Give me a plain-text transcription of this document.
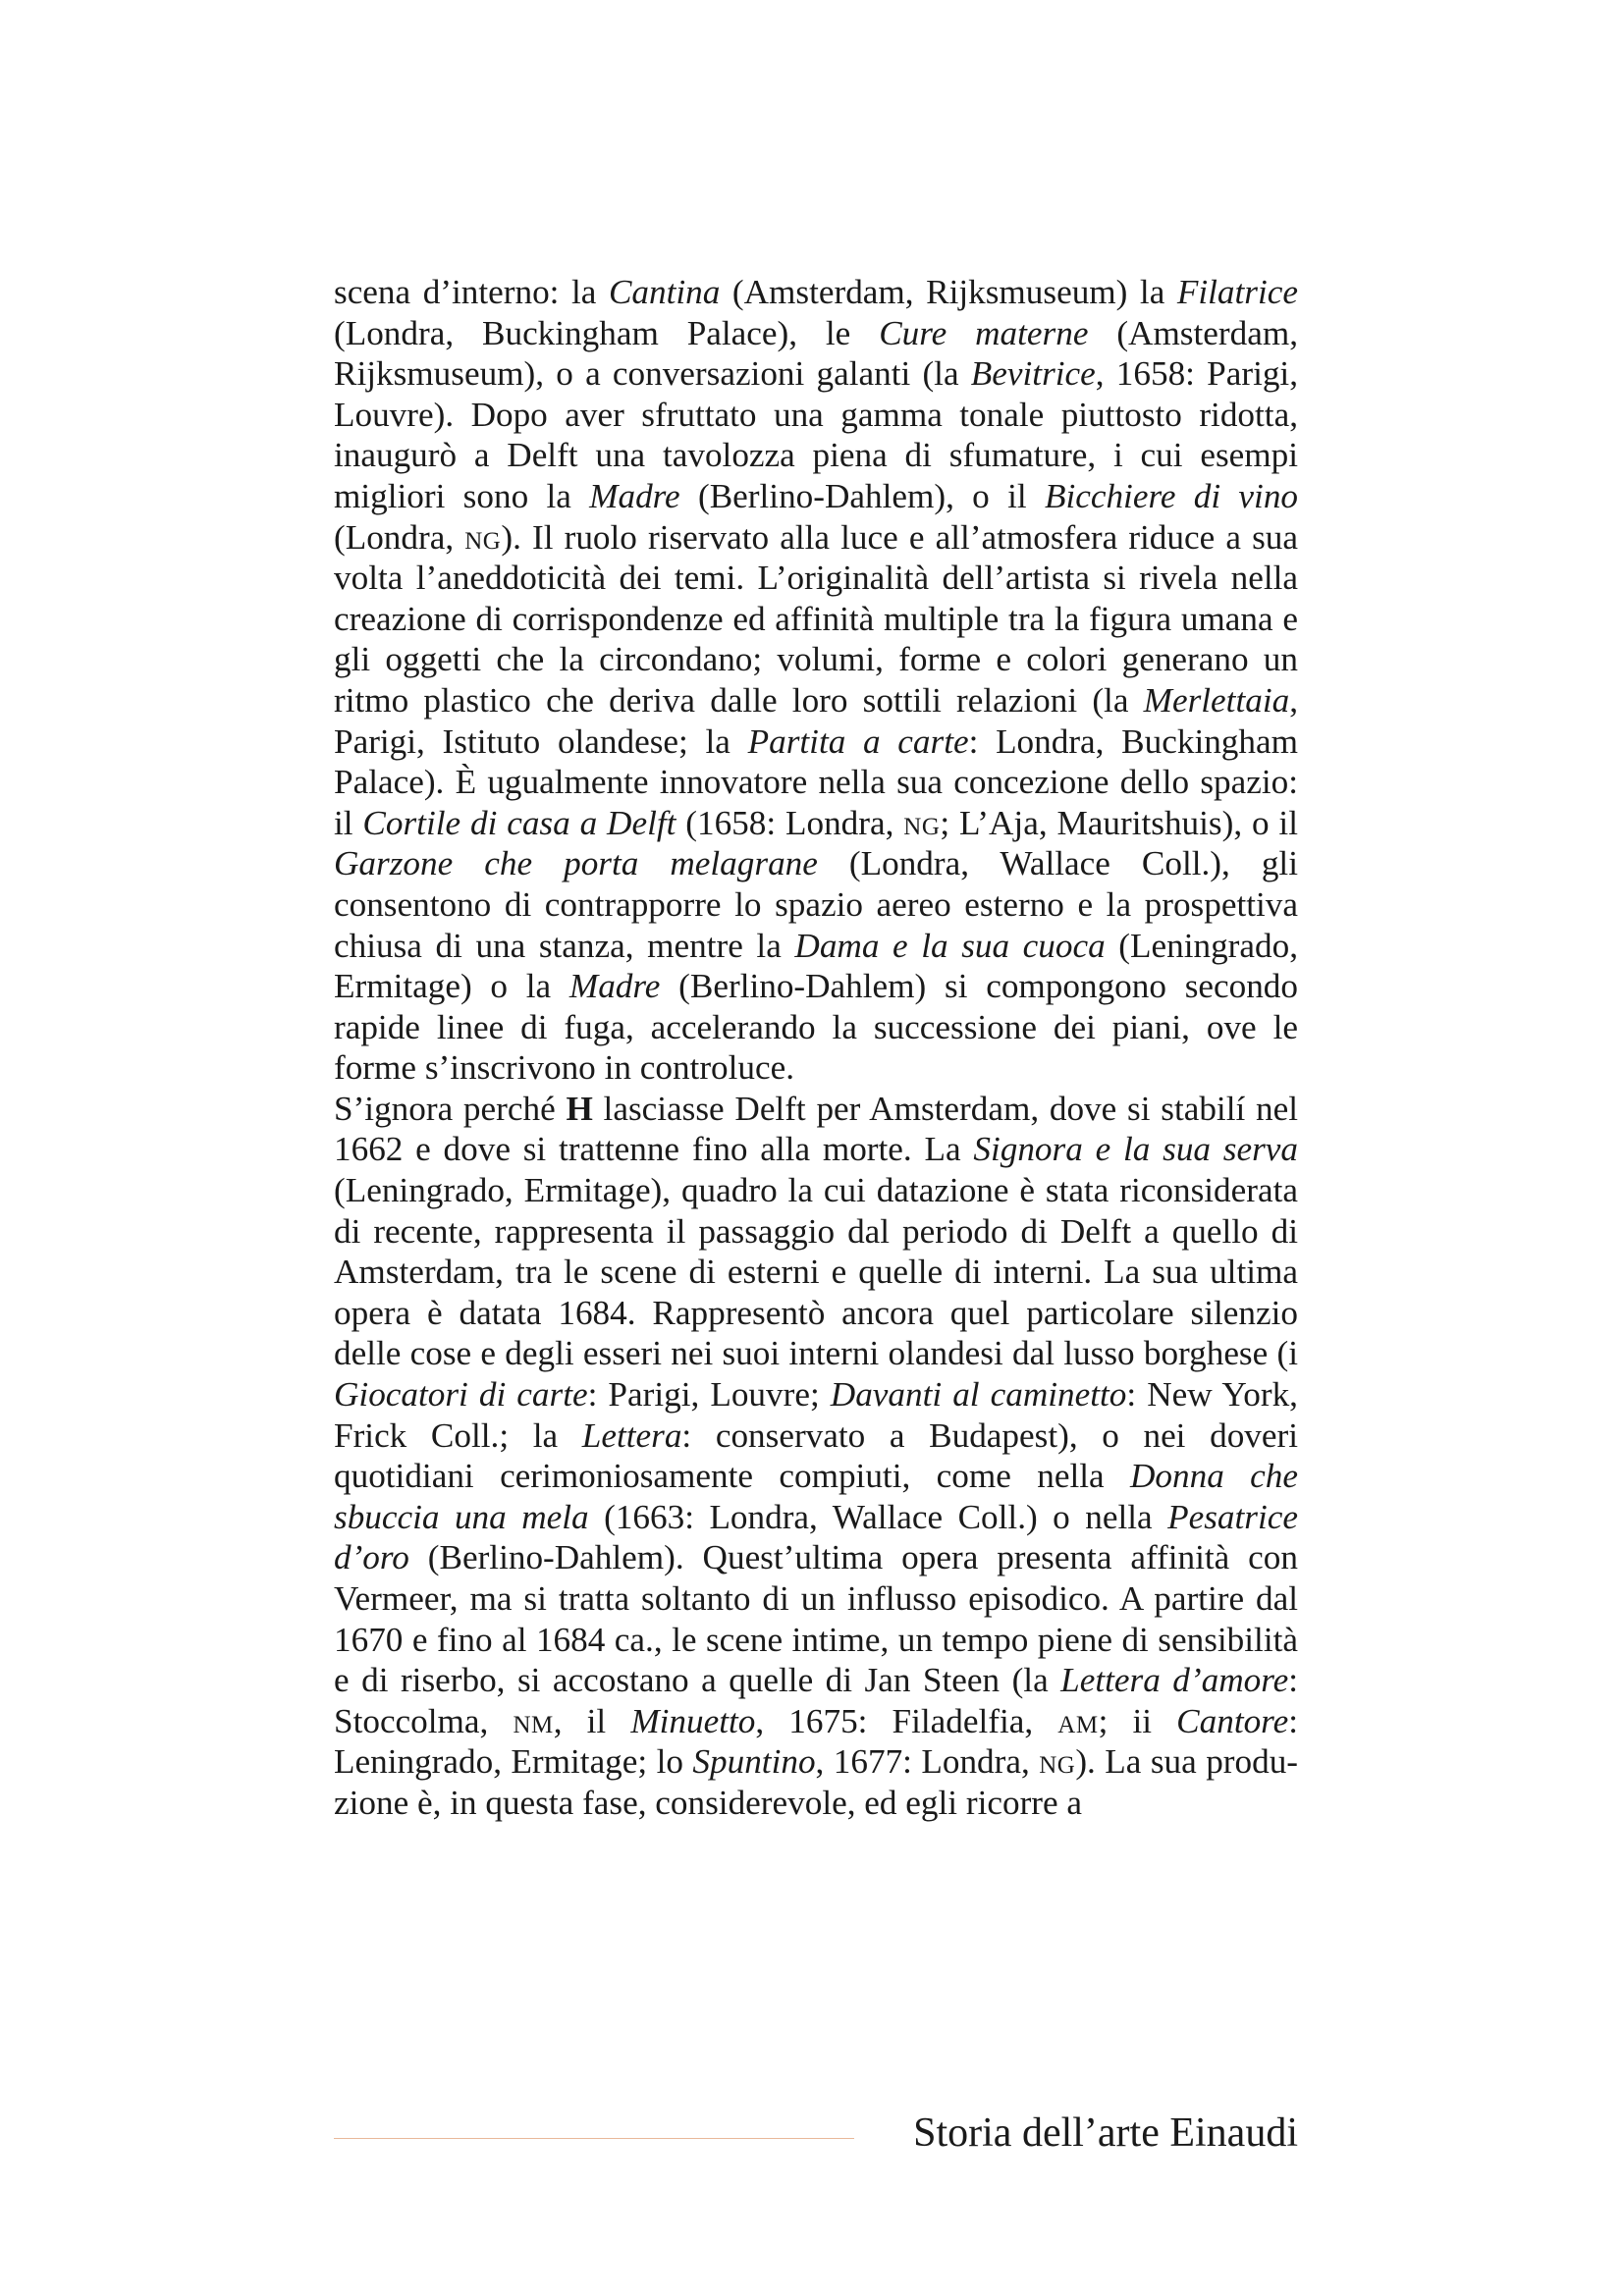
scena d’interno: la Cantina (Amsterdam, Rijksmuseum) la Filatrice (Londra, Buckingham Palace), le Cure materne (Amsterdam, Rijksmuseum), o a conversazioni galanti (la Bevitrice, 1658: Parigi, Louvre). Dopo aver sfruttato una gamma tonale piuttosto ridotta, inaugurò a Delft una tavolozza piena di sfumature, i cui esempi migliori sono la Madre (Berlino-Dahlem), o il Bicchiere di vino (Londra, ng). Il ruolo riservato alla luce e all’atmosfera riduce a sua volta l’aneddoticità dei temi. L’originalità dell’artista si rivela nella creazione di corrispondenze ed affinità multiple tra la figura umana e gli oggetti che la circondano; volumi, forme e colori generano un ritmo plastico che deriva dalle loro sottili relazioni (la Merlettaia, Parigi, Istituto olandese; la Partita a carte: Londra, Buckingham Palace). È ugualmente innovatore nella sua concezione dello spazio: il Cortile di casa a Delft (1658: Londra, ng; L’Aja, Mauritshuis), o il Garzone che porta melagrane (Londra, Wallace Coll.), gli consentono di contrapporre lo spazio aereo esterno e la prospettiva chiusa di una stanza, mentre la Dama e la sua cuoca (Leningrado, Ermitage) o la Madre (Berlino-Dahlem) si compongono secondo rapide linee di fuga, accelerando la successione dei piani, ove le forme s’inscrivono in controluce.

S’ignora perché H lasciasse Delft per Amsterdam, dove si stabilí nel 1662 e dove si trattenne fino alla morte. La Signora e la sua serva (Leningrado, Ermitage), quadro la cui datazione è stata riconsiderata di recente, rappresenta il passaggio dal periodo di Delft a quello di Amsterdam, tra le scene di esterni e quelle di interni. La sua ultima opera è datata 1684. Rappresentò ancora quel particolare silenzio delle cose e degli esseri nei suoi interni olandesi dal lusso borghese (i Giocatori di carte: Parigi, Louvre; Davanti al caminetto: New York, Frick Coll.; la Lettera: conservato a Budapest), o nei doveri quotidiani cerimoniosamente compiuti, come nella Donna che sbuccia una mela (1663: Londra, Wallace Coll.) o nella Pesatrice d’oro (Berlino-Dahlem). Quest’ultima opera presenta affinità con Vermeer, ma si tratta soltanto di un influsso episodico. A partire dal 1670 e fino al 1684 ca., le scene intime, un tempo piene di sensibilità e di riserbo, si accostano a quelle di Jan Steen (la Lettera d’amore: Stoccolma, nm, il Minuetto, 1675: Filadelfia, am; ii Cantore: Leningrado, Ermitage; lo Spuntino, 1677: Londra, ng). La sua produzione è, in questa fase, considerevole, ed egli ricorre a

Storia dell’arte Einaudi
